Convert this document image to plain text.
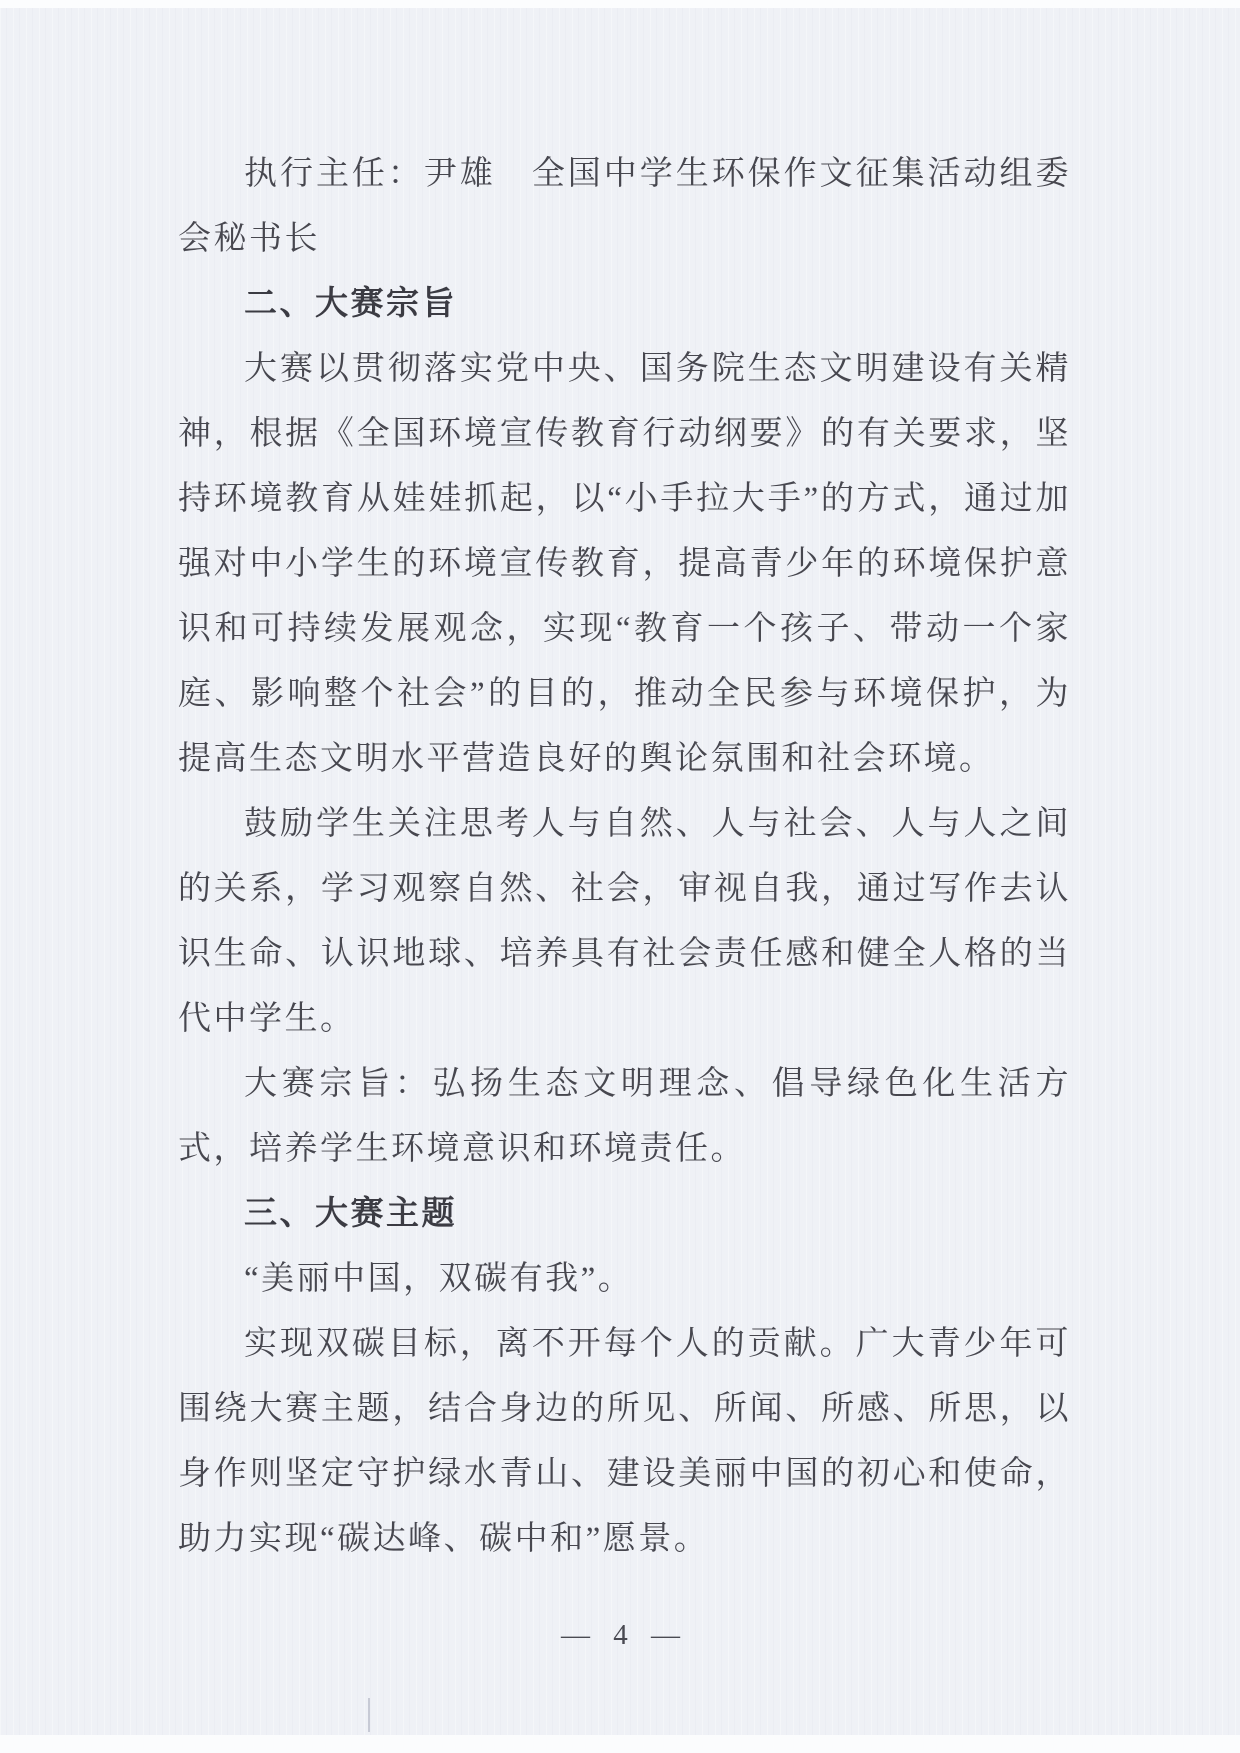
执行主任：尹雄　全国中学生环保作文征集活动组委会秘书长

二、大赛宗旨

大赛以贯彻落实党中央、国务院生态文明建设有关精神，根据《全国环境宣传教育行动纲要》的有关要求，坚持环境教育从娃娃抓起，以“小手拉大手”的方式，通过加强对中小学生的环境宣传教育，提高青少年的环境保护意识和可持续发展观念，实现“教育一个孩子、带动一个家庭、影响整个社会”的目的，推动全民参与环境保护，为提高生态文明水平营造良好的舆论氛围和社会环境。

鼓励学生关注思考人与自然、人与社会、人与人之间的关系，学习观察自然、社会，审视自我，通过写作去认识生命、认识地球、培养具有社会责任感和健全人格的当代中学生。

大赛宗旨：弘扬生态文明理念、倡导绿色化生活方式，培养学生环境意识和环境责任。

三、大赛主题

“美丽中国，双碳有我”。

实现双碳目标，离不开每个人的贡献。广大青少年可围绕大赛主题，结合身边的所见、所闻、所感、所思，以身作则坚定守护绿水青山、建设美丽中国的初心和使命，助力实现“碳达峰、碳中和”愿景。

— 4 —
